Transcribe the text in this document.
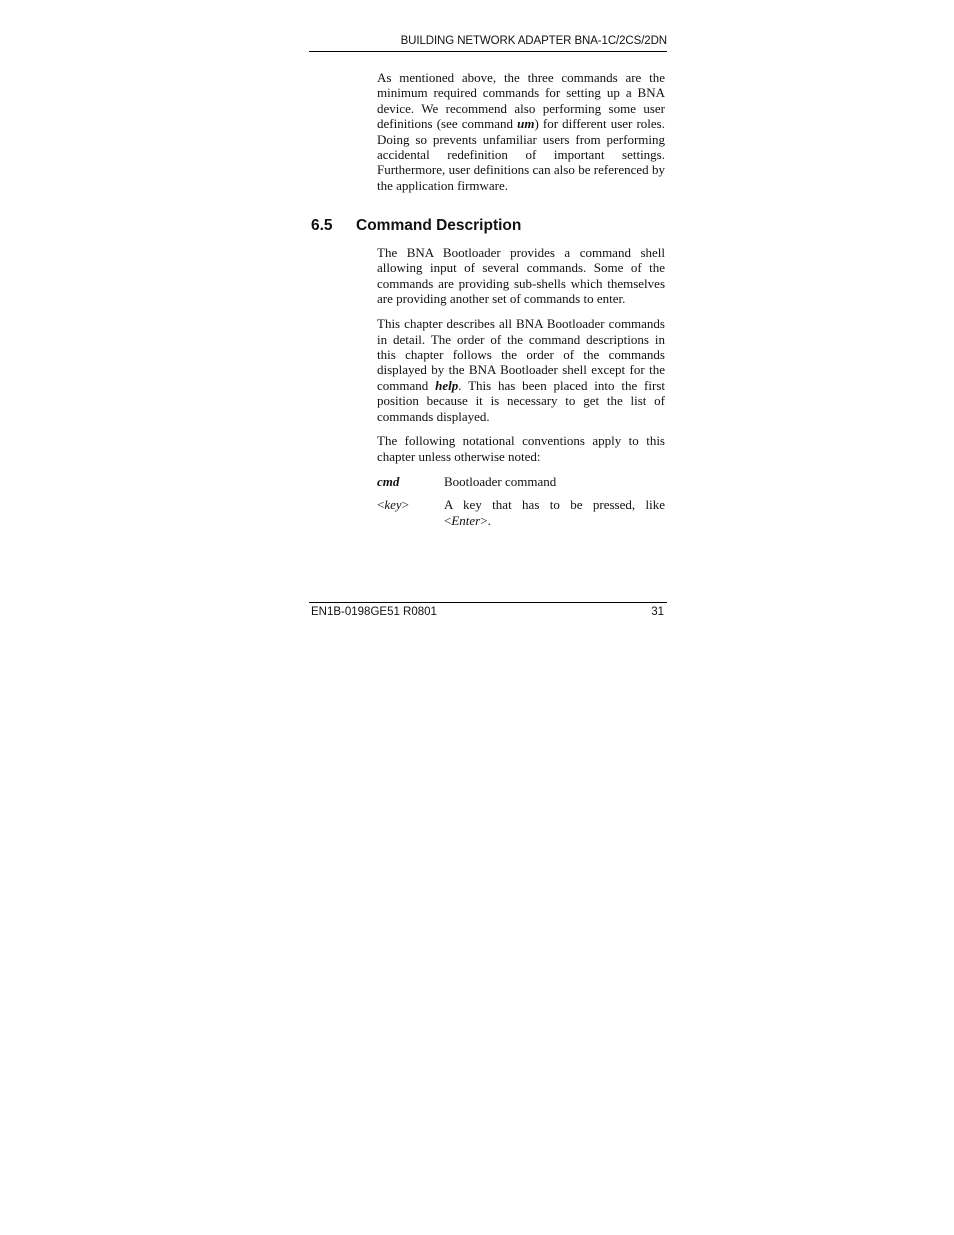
BUILDING NETWORK ADAPTER BNA-1C/2CS/2DN

As mentioned above, the three commands are the minimum required commands for setting up a BNA device. We recommend also performing some user definitions (see command um) for different user roles. Doing so prevents unfamiliar users from performing accidental redefinition of important settings. Furthermore, user definitions can also be referenced by the application firmware.

6.5 Command Description

The BNA Bootloader provides a command shell allowing input of several commands. Some of the commands are providing sub-shells which themselves are providing another set of commands to enter.

This chapter describes all BNA Bootloader commands in detail. The order of the command descriptions in this chapter follows the order of the commands displayed by the BNA Bootloader shell except for the command help. This has been placed into the first position because it is necessary to get the list of commands displayed.

The following notational conventions apply to this chapter unless otherwise noted:

cmd	Bootloader command
<key>	A key that has to be pressed, like <Enter>.
EN1B-0198GE51 R0801	31
